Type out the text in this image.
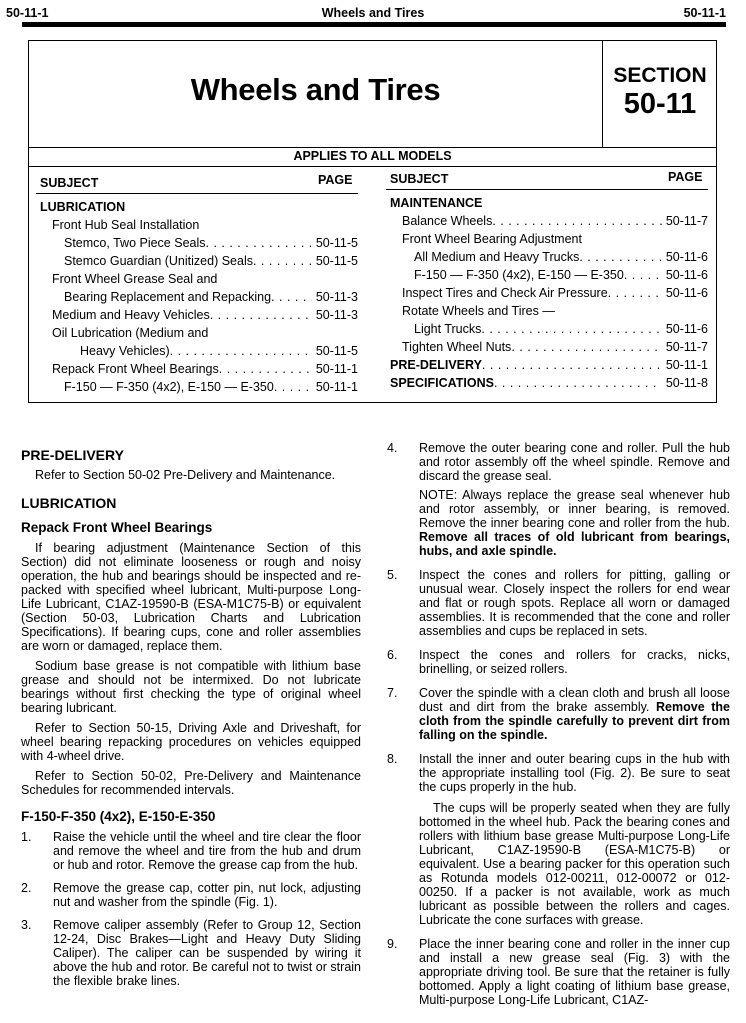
50-11-1	Wheels and Tires	50-11-1
Wheels and Tires	SECTION
50-11
APPLIES TO ALL MODELS
SUBJECT	PAGE	SUBJECT	PAGE
LUBRICATION
Front Hub Seal Installation
Stemco, Two Piece Seals . . .	50-11-5
Stemco Guardian (Unitized) Seals . . .	50-11-5
Front Wheel Grease Seal and
Bearing Replacement and Repacking . . .	50-11-3
Medium and Heavy Vehicles . . .	50-11-3
Oil Lubrication (Medium and
Heavy Vehicles) . . .	50-11-5
Repack Front Wheel Bearings . . .	50-11-1
F-150 — F-350 (4x2), E-150 — E-350 . . .	50-11-1
MAINTENANCE
Balance Wheels . . .	50-11-7
Front Wheel Bearing Adjustment
All Medium and Heavy Trucks . . .	50-11-6
F-150 — F-350 (4x2), E-150 — E-350 . . .	50-11-6
Inspect Tires and Check Air Pressure . . .	50-11-6
Rotate Wheels and Tires —
Light Trucks . . .	50-11-6
Tighten Wheel Nuts . . .	50-11-7
PRE-DELIVERY . . .	50-11-1
SPECIFICATIONS . . .	50-11-8
PRE-DELIVERY

Refer to Section 50-02 Pre-Delivery and Maintenance.

LUBRICATION
Repack Front Wheel Bearings

If bearing adjustment (Maintenance Section of this Section) did not eliminate looseness or rough and noisy operation, the hub and bearings should be inspected and re-packed with specified wheel lubricant, Multi-purpose Long-Life Lubricant, C1AZ-19590-B (ESA-M1C75-B) or equivalent (Section 50-03, Lubrication Charts and Lubrication Specifications). If bearing cups, cone and roller assemblies are worn or damaged, replace them.

Sodium base grease is not compatible with lithium base grease and should not be intermixed. Do not lubricate bearings without first checking the type of original wheel bearing lubricant.

Refer to Section 50-15, Driving Axle and Driveshaft, for wheel bearing repacking procedures on vehicles equipped with 4-wheel drive.

Refer to Section 50-02, Pre-Delivery and Maintenance Schedules for recommended intervals.

F-150-F-350 (4x2), E-150-E-350
1.	Raise the vehicle until the wheel and tire clear the floor and remove the wheel and tire from the hub and drum or hub and rotor. Remove the grease cap from the hub.
2.	Remove the grease cap, cotter pin, nut lock, adjusting nut and washer from the spindle (Fig. 1).
3.	Remove caliper assembly (Refer to Group 12, Section 12-24, Disc Brakes—Light and Heavy Duty Sliding Caliper). The caliper can be suspended by wiring it above the hub and rotor. Be careful not to twist or strain the flexible brake lines.
4.	Remove the outer bearing cone and roller. Pull the hub and rotor assembly off the wheel spindle. Remove and discard the grease seal.
NOTE: Always replace the grease seal whenever hub and rotor assembly, or inner bearing, is removed. Remove the inner bearing cone and roller from the hub. Remove all traces of old lubricant from bearings, hubs, and axle spindle.
5.	Inspect the cones and rollers for pitting, galling or unusual wear. Closely inspect the rollers for end wear and flat or rough spots. Replace all worn or damaged assemblies. It is recommended that the cone and roller assemblies and cups be replaced in sets.
6.	Inspect the cones and rollers for cracks, nicks, brinelling, or seized rollers.
7.	Cover the spindle with a clean cloth and brush all loose dust and dirt from the brake assembly. Remove the cloth from the spindle carefully to prevent dirt from falling on the spindle.
8.	Install the inner and outer bearing cups in the hub with the appropriate installing tool (Fig. 2). Be sure to seat the cups properly in the hub.
The cups will be properly seated when they are fully bottomed in the wheel hub. Pack the bearing cones and rollers with lithium base grease Multi-purpose Long-Life Lubricant, C1AZ-19590-B (ESA-M1C75-B) or equivalent. Use a bearing packer for this operation such as Rotunda models 012-00211, 012-00072 or 012-00250. If a packer is not available, work as much lubricant as possible between the rollers and cages. Lubricate the cone surfaces with grease.
9.	Place the inner bearing cone and roller in the inner cup and install a new grease seal (Fig. 3) with the appropriate driving tool. Be sure that the retainer is fully bottomed. Apply a light coating of lithium base grease, Multi-purpose Long-Life Lubricant, C1AZ-
